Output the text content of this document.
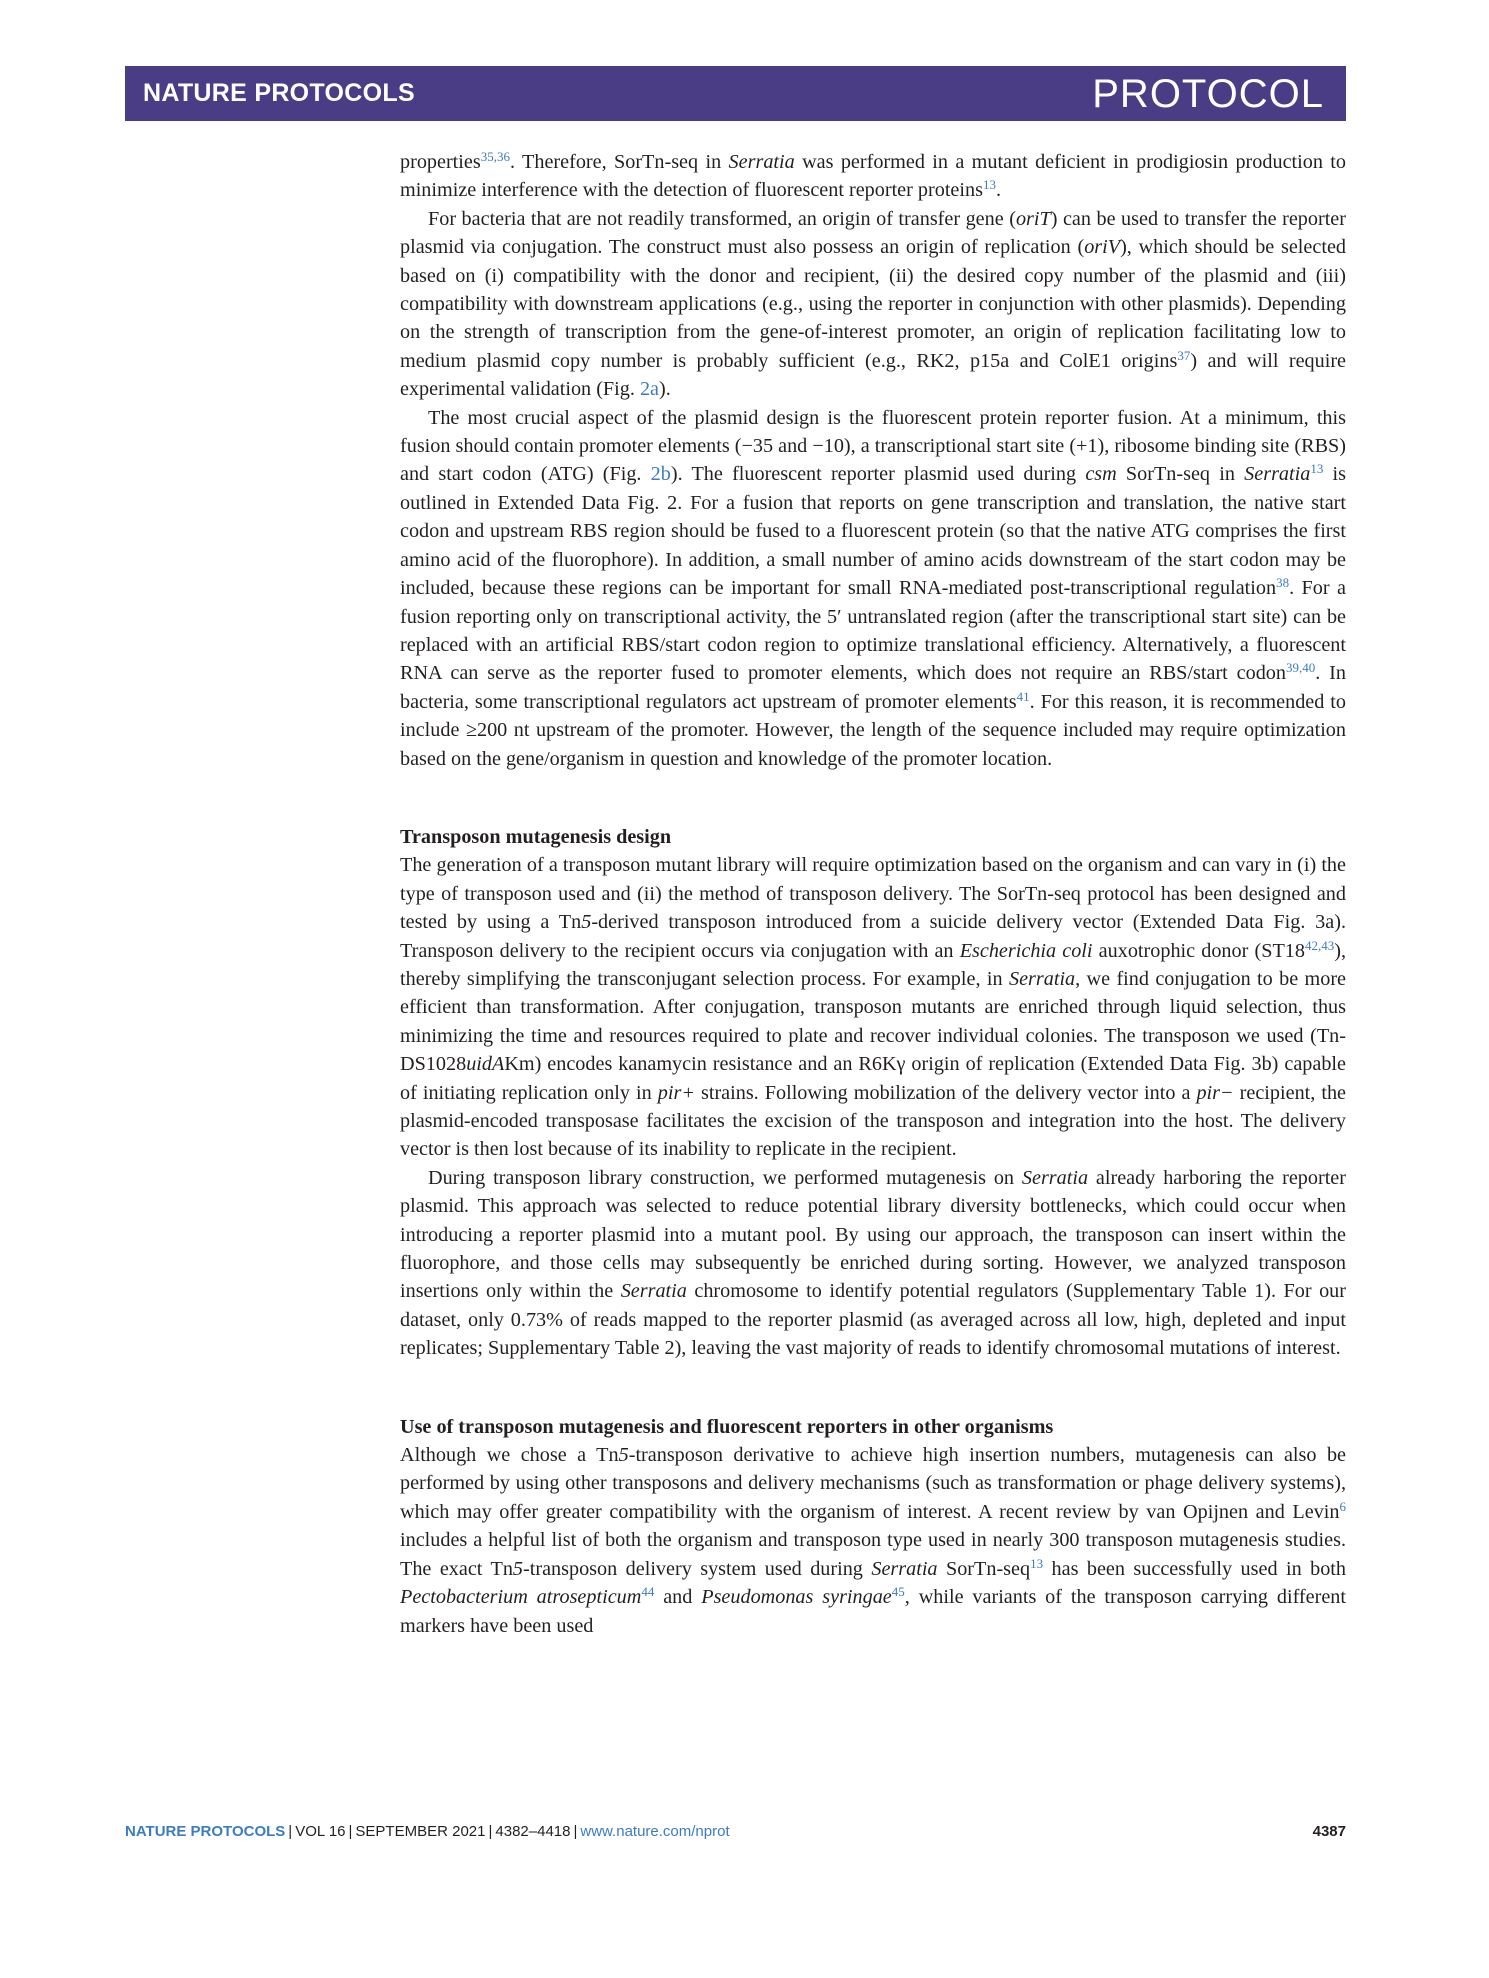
NATURE PROTOCOLS	PROTOCOL

properties$^{35,36}$. Therefore, SorTn-seq in Serratia was performed in a mutant deficient in prodigiosin production to minimize interference with the detection of fluorescent reporter proteins$^{13}$.

For bacteria that are not readily transformed, an origin of transfer gene (oriT) can be used to transfer the reporter plasmid via conjugation. The construct must also possess an origin of replication (oriV), which should be selected based on (i) compatibility with the donor and recipient, (ii) the desired copy number of the plasmid and (iii) compatibility with downstream applications (e.g., using the reporter in conjunction with other plasmids). Depending on the strength of transcription from the gene-of-interest promoter, an origin of replication facilitating low to medium plasmid copy number is probably sufficient (e.g., RK2, p15a and ColE1 origins$^{37}$) and will require experimental validation (Fig. 2a).

The most crucial aspect of the plasmid design is the fluorescent protein reporter fusion. At a minimum, this fusion should contain promoter elements (−35 and −10), a transcriptional start site (+1), ribosome binding site (RBS) and start codon (ATG) (Fig. 2b). The fluorescent reporter plasmid used during csm SorTn-seq in Serratia$^{13}$ is outlined in Extended Data Fig. 2. For a fusion that reports on gene transcription and translation, the native start codon and upstream RBS region should be fused to a fluorescent protein (so that the native ATG comprises the first amino acid of the fluorophore). In addition, a small number of amino acids downstream of the start codon may be included, because these regions can be important for small RNA-mediated post-transcriptional regulation$^{38}$. For a fusion reporting only on transcriptional activity, the 5′ untranslated region (after the transcriptional start site) can be replaced with an artificial RBS/start codon region to optimize translational efficiency. Alternatively, a fluorescent RNA can serve as the reporter fused to promoter elements, which does not require an RBS/start codon$^{39,40}$. In bacteria, some transcriptional regulators act upstream of promoter elements$^{41}$. For this reason, it is recommended to include ≥200 nt upstream of the promoter. However, the length of the sequence included may require optimization based on the gene/organism in question and knowledge of the promoter location.

Transposon mutagenesis design

The generation of a transposon mutant library will require optimization based on the organism and can vary in (i) the type of transposon used and (ii) the method of transposon delivery. The SorTn-seq protocol has been designed and tested by using a Tn5-derived transposon introduced from a suicide delivery vector (Extended Data Fig. 3a). Transposon delivery to the recipient occurs via conjugation with an Escherichia coli auxotrophic donor (ST18$^{42,43}$), thereby simplifying the transconjugant selection process. For example, in Serratia, we find conjugation to be more efficient than transformation. After conjugation, transposon mutants are enriched through liquid selection, thus minimizing the time and resources required to plate and recover individual colonies. The transposon we used (Tn-DS1028uidAKm) encodes kanamycin resistance and an R6Kγ origin of replication (Extended Data Fig. 3b) capable of initiating replication only in pir+ strains. Following mobilization of the delivery vector into a pir− recipient, the plasmid-encoded transposase facilitates the excision of the transposon and integration into the host. The delivery vector is then lost because of its inability to replicate in the recipient.

During transposon library construction, we performed mutagenesis on Serratia already harboring the reporter plasmid. This approach was selected to reduce potential library diversity bottlenecks, which could occur when introducing a reporter plasmid into a mutant pool. By using our approach, the transposon can insert within the fluorophore, and those cells may subsequently be enriched during sorting. However, we analyzed transposon insertions only within the Serratia chromosome to identify potential regulators (Supplementary Table 1). For our dataset, only 0.73% of reads mapped to the reporter plasmid (as averaged across all low, high, depleted and input replicates; Supplementary Table 2), leaving the vast majority of reads to identify chromosomal mutations of interest.

Use of transposon mutagenesis and fluorescent reporters in other organisms

Although we chose a Tn5-transposon derivative to achieve high insertion numbers, mutagenesis can also be performed by using other transposons and delivery mechanisms (such as transformation or phage delivery systems), which may offer greater compatibility with the organism of interest. A recent review by van Opijnen and Levin$^6$ includes a helpful list of both the organism and transposon type used in nearly 300 transposon mutagenesis studies. The exact Tn5-transposon delivery system used during Serratia SorTn-seq$^{13}$ has been successfully used in both Pectobacterium atrosepticum$^{44}$ and Pseudomonas syringae$^{45}$, while variants of the transposon carrying different markers have been used

NATURE PROTOCOLS | VOL 16 | SEPTEMBER 2021 | 4382–4418 | www.nature.com/nprot	4387
